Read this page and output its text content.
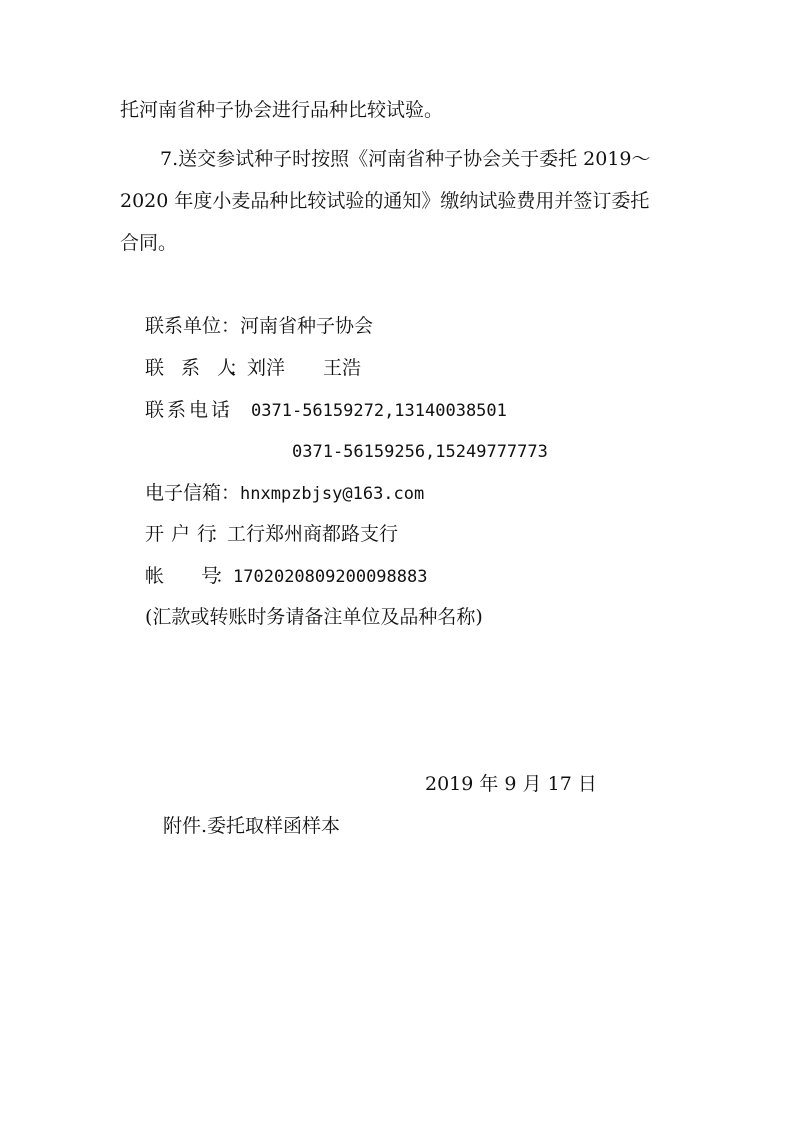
托河南省种子协会进行品种比较试验。
7.送交参试种子时按照《河南省种子协会关于委托 2019～
2020 年度小麦品种比较试验的通知》缴纳试验费用并签订委托
合同。
联系单位：河南省种子协会
联　　系　　人： 刘洋　　王浩
联　系　电　话： 0371-56159272,13140038501
0371-56159256,15249777773
电子信箱：hnxmpzbjsy@163.com
开　户　行： 工行郑州商都路支行
帐　　　号： 1702020809200098883
(汇款或转账时务请备注单位及品种名称)
2019 年 9 月 17 日
附件.委托取样函样本
